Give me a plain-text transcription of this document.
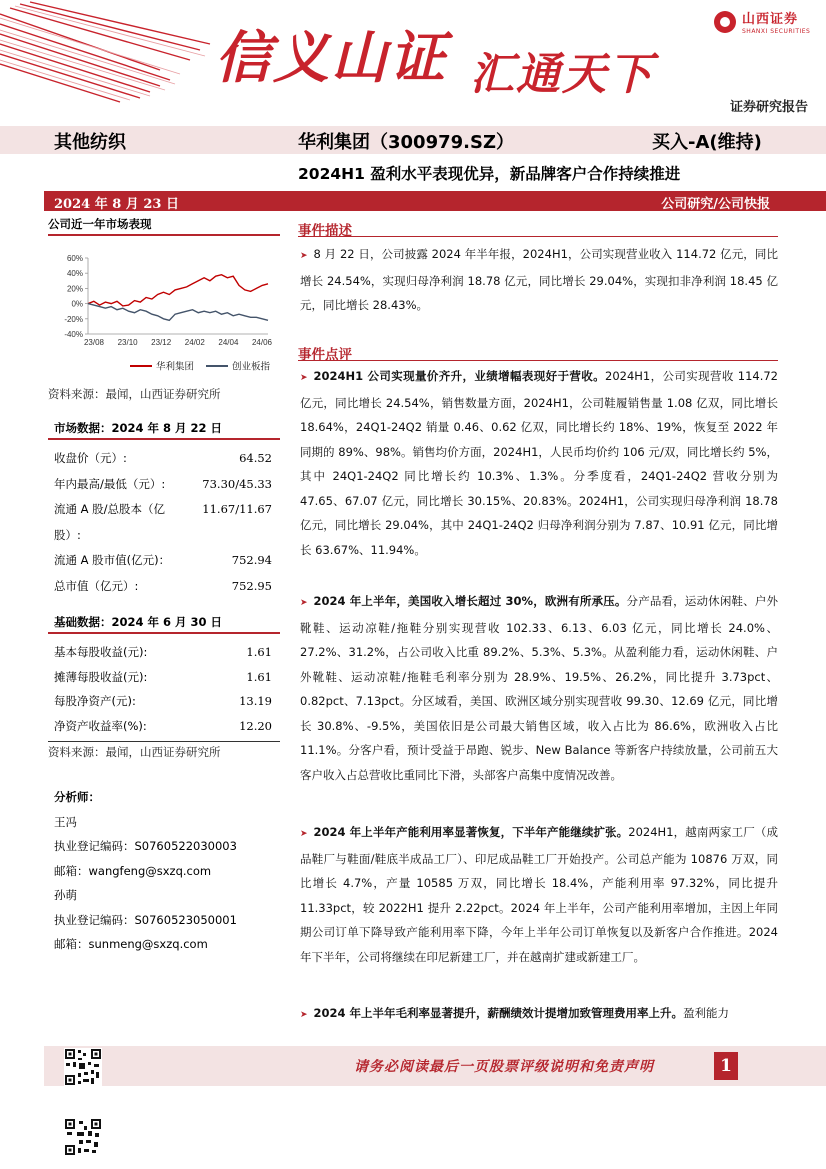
信义山证 汇通天下
山西证券
SHANXI SECURITIES
证券研究报告
其他纺织	华利集团（300979.SZ）	买入-A(维持)
2024H1 盈利水平表现优异，新品牌客户合作持续推进
2024 年 8 月 23 日	公司研究/公司快报
公司近一年市场表现
60%
40%
20%
0%
-20%
-40%
23/08 23/10 23/12 24/02 24/04 24/06
华利集团	创业板指
资料来源：最闻，山西证券研究所
市场数据：2024 年 8 月 22 日
收盘价（元）:	64.52
年内最高/最低（元）:	73.30/45.33
流通 A 股/总股本（亿	11.67/11.67
股）:
流通 A 股市值(亿元)：	752.94
总市值（亿元）:	752.95
基础数据：2024 年 6 月 30 日
基本每股收益(元):	1.61
摊薄每股收益(元):	1.61
每股净资产(元):	13.19
净资产收益率(%):	12.20
资料来源：最闻，山西证券研究所
分析师：
王冯
执业登记编码：S0760522030003
邮箱：wangfeng@sxzq.com
孙萌
执业登记编码：S0760523050001
邮箱：sunmeng@sxzq.com
事件描述
➤ 8 月 22 日，公司披露 2024 年半年报，2024H1，公司实现营业收入 114.72 亿元，同比增长 24.54%，实现归母净利润 18.78 亿元，同比增长 29.04%，实现扣非净利润 18.45 亿元，同比增长 28.43%。
事件点评
➤ 2024H1 公司实现量价齐升，业绩增幅表现好于营收。2024H1，公司实现营收 114.72 亿元，同比增长 24.54%，销售数量方面，2024H1，公司鞋履销售量 1.08 亿双，同比增长 18.64%，24Q1-24Q2 销量 0.46、0.62 亿双，同比增长约 18%、19%，恢复至 2022 年同期的 89%、98%。销售均价方面，2024H1，人民币均价约 106 元/双，同比增长约 5%，其中 24Q1-24Q2 同比增长约 10.3%、1.3%。分季度看，24Q1-24Q2 营收分别为 47.65、67.07 亿元，同比增长 30.15%、20.83%。2024H1，公司实现归母净利润 18.78 亿元，同比增长 29.04%，其中 24Q1-24Q2 归母净利润分别为 7.87、10.91 亿元，同比增长 63.67%、11.94%。
➤ 2024 年上半年，美国收入增长超过 30%，欧洲有所承压。分产品看，运动休闲鞋、户外靴鞋、运动凉鞋/拖鞋分别实现营收 102.33、6.13、6.03 亿元，同比增长 24.0%、27.2%、31.2%，占公司收入比重 89.2%、5.3%、5.3%。从盈利能力看，运动休闲鞋、户外靴鞋、运动凉鞋/拖鞋毛利率分别为 28.9%、19.5%、26.2%，同比提升 3.73pct、0.82pct、7.13pct。分区域看，美国、欧洲区域分别实现营收 99.30、12.69 亿元，同比增长 30.8%、-9.5%，美国依旧是公司最大销售区域，收入占比为 86.6%，欧洲收入占比 11.1%。分客户看，预计受益于昂跑、锐步、New Balance 等新客户持续放量，公司前五大客户收入占总营收比重同比下滑，头部客户高集中度情况改善。
➤ 2024 年上半年产能利用率显著恢复，下半年产能继续扩张。2024H1，越南两家工厂（成品鞋厂与鞋面/鞋底半成品工厂）、印尼成品鞋工厂开始投产。公司总产能为 10876 万双，同比增长 4.7%，产量 10585 万双，同比增长 18.4%，产能利用率 97.32%，同比提升 11.33pct，较 2022H1 提升 2.22pct。2024 年上半年，公司产能利用率增加，主因上年同期公司订单下降导致产能利用率下降，今年上半年公司订单恢复以及新客户合作推进。2024 年下半年，公司将继续在印尼新建工厂，并在越南扩建或新建工厂。
➤ 2024 年上半年毛利率显著提升，薪酬绩效计提增加致管理费用率上升。盈利能力
请务必阅读最后一页股票评级说明和免责声明	1
